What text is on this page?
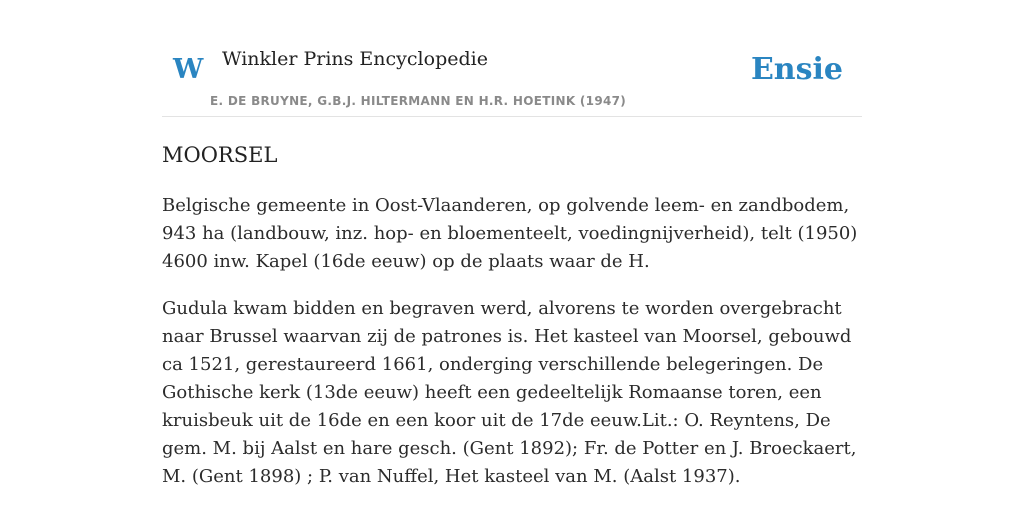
W Winkler Prins Encyclopedie
E. DE BRUYNE, G.B.J. HILTERMANN EN H.R. HOETINK (1947)
Ensie
MOORSEL

Belgische gemeente in Oost-Vlaanderen, op golvende leem- en zandbodem, 943 ha (landbouw, inz. hop- en bloementeelt, voedingnijverheid), telt (1950) 4600 inw. Kapel (16de eeuw) op de plaats waar de H.

Gudula kwam bidden en begraven werd, alvorens te worden overgebracht naar Brussel waarvan zij de patrones is. Het kasteel van Moorsel, gebouwd ca 1521, gerestaureerd 1661, onderging verschillende belegeringen. De Gothische kerk (13de eeuw) heeft een gedeeltelijk Romaanse toren, een kruisbeuk uit de 16de en een koor uit de 17de eeuw.Lit.: O. Reyntens, De gem. M. bij Aalst en hare gesch. (Gent 1892); Fr. de Potter en J. Broeckaert, M. (Gent 1898) ; P. van Nuffel, Het kasteel van M. (Aalst 1937).
